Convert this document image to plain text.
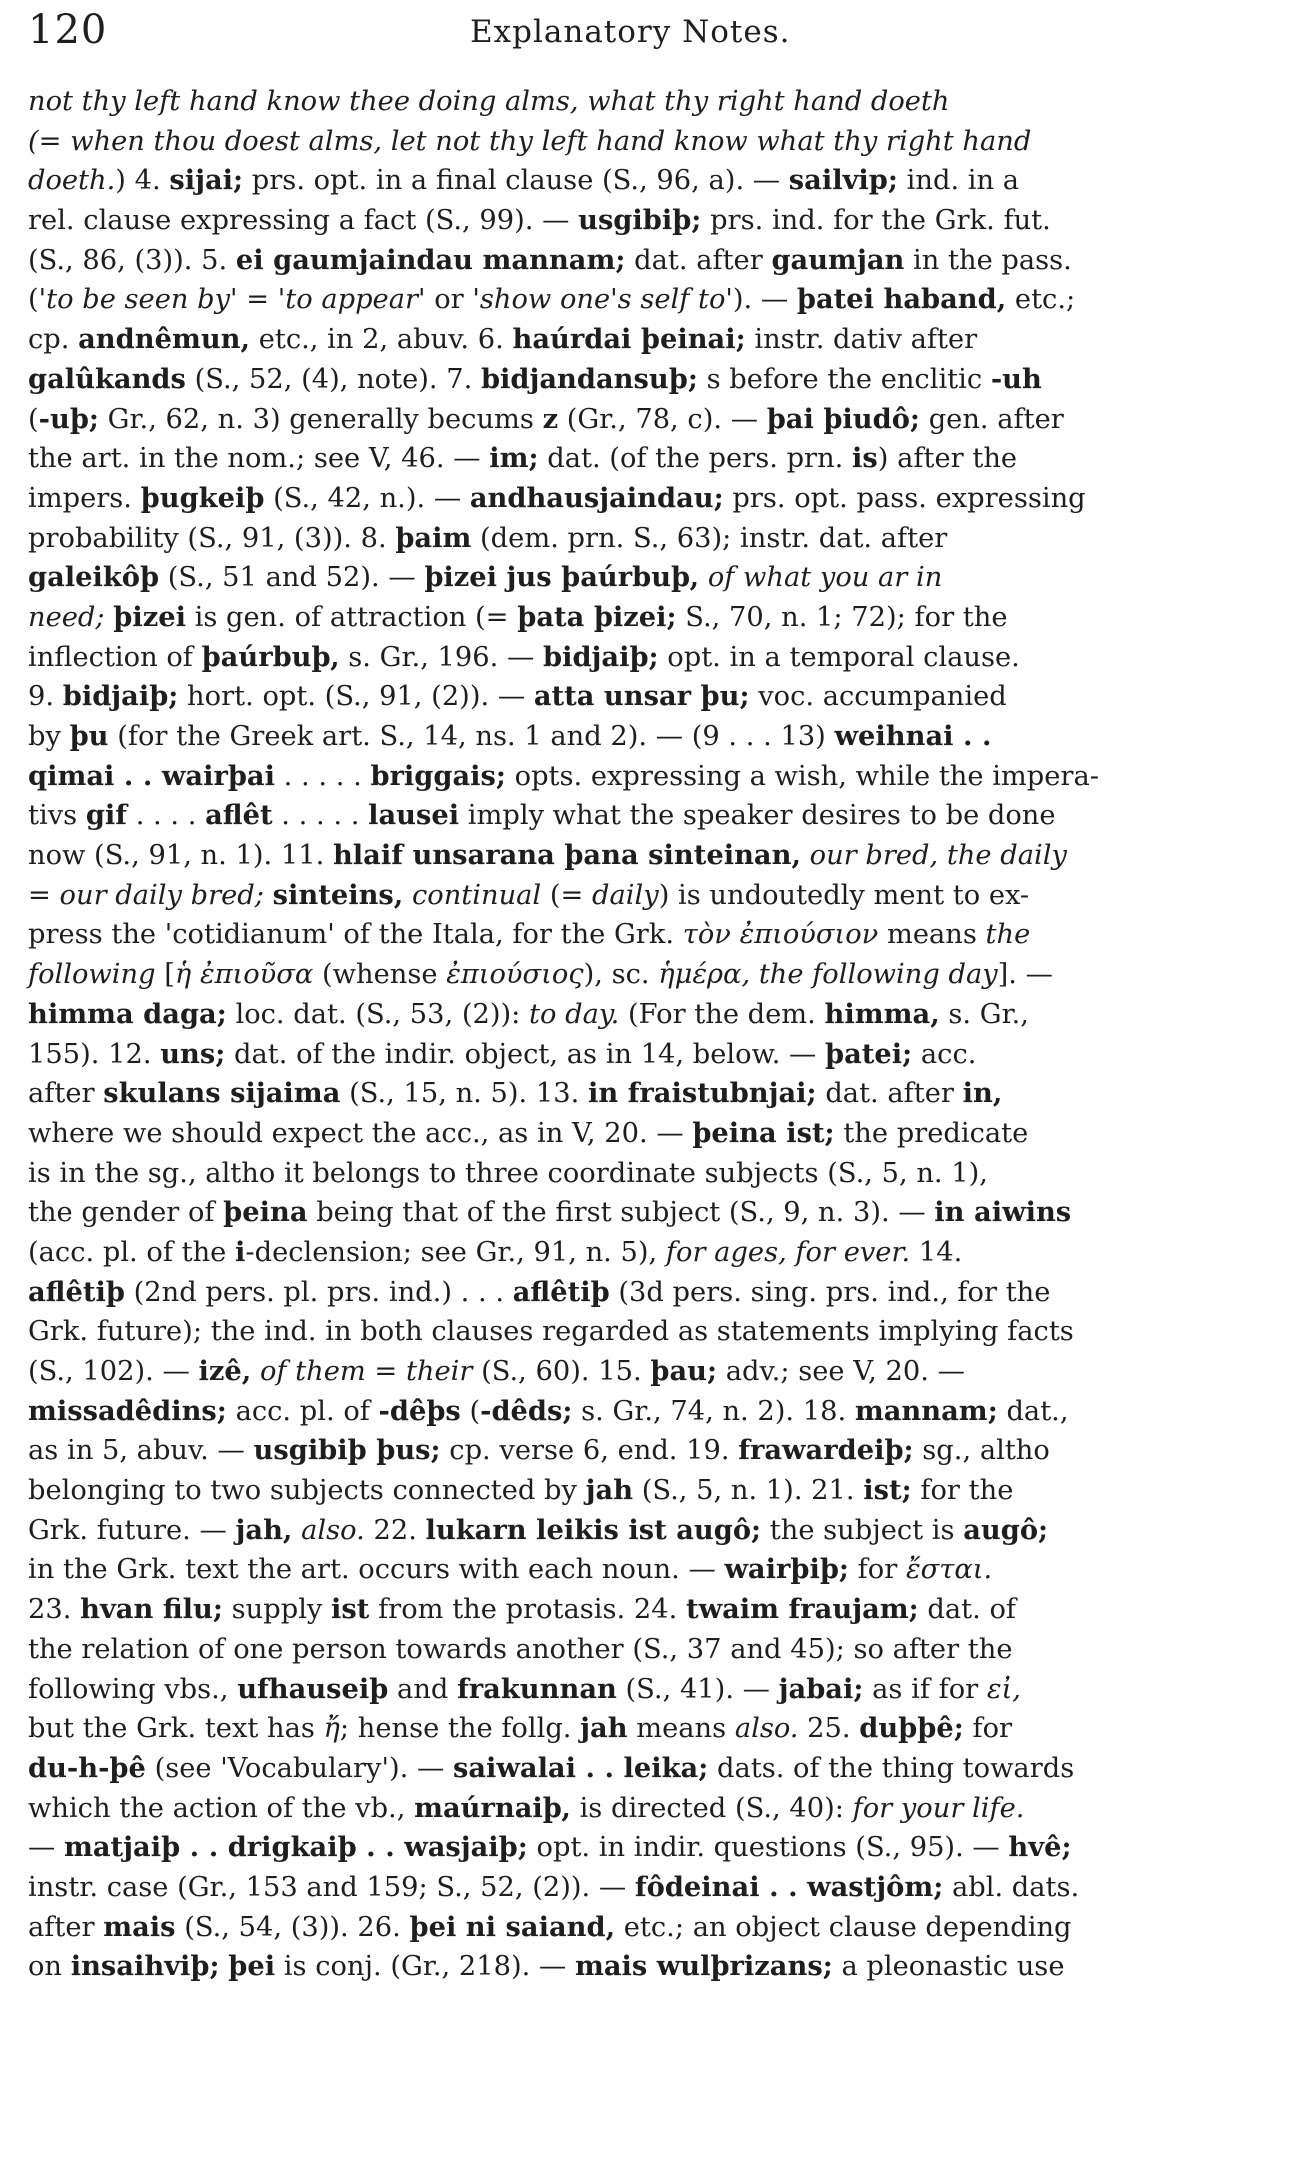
120	Explanatory Notes.
not thy left hand know thee doing alms, what thy right hand doeth
(= when thou doest alms, let not thy left hand know what thy right hand
doeth.) 4. sijai; prs. opt. in a final clause (S., 96, a). — sailvip; ind. in a
rel. clause expressing a fact (S., 99). — usgibiþ; prs. ind. for the Grk. fut.
(S., 86, (3)). 5. ei gaumjaindau mannam; dat. after gaumjan in the pass.
('to be seen by' = 'to appear' or 'show one's self to'). — þatei haband, etc.;
cp. andnêmun, etc., in 2, abuv. 6. haúrdai þeinai; instr. dativ after
galûkands (S., 52, (4), note). 7. bidjandansuþ; s before the enclitic -uh
(-uþ; Gr., 62, n. 3) generally becums z (Gr., 78, c). — þai þiudô; gen. after
the art. in the nom.; see V, 46. — im; dat. (of the pers. prn. is) after the
impers. þugkeiþ (S., 42, n.). — andhausjaindau; prs. opt. pass. expressing
probability (S., 91, (3)). 8. þaim (dem. prn. S., 63); instr. dat. after
galeikôþ (S., 51 and 52). — þizei jus þaúrbuþ, of what you ar in
need; þizei is gen. of attraction (= þata þizei; S., 70, n. 1; 72); for the
inflection of þaúrbuþ, s. Gr., 196. — bidjaiþ; opt. in a temporal clause.
9. bidjaiþ; hort. opt. (S., 91, (2)). — atta unsar þu; voc. accumpanied
by þu (for the Greek art. S., 14, ns. 1 and 2). — (9 . . . 13) weihnai . .
qimai . . wairþai . . . . . briggais; opts. expressing a wish, while the impera-
tivs gif . . . . aflêt . . . . . lausei imply what the speaker desires to be done
now (S., 91, n. 1). 11. hlaif unsarana þana sinteinan, our bred, the daily
= our daily bred; sinteins, continual (= daily) is undoutedly ment to ex-
press the 'cotidianum' of the Itala, for the Grk. τὸν ἐπιούσιον means the
following [ἡ ἐπιοῦσα (whense ἐπιούσιος), sc. ἡμέρα, the following day]. —
himma daga; loc. dat. (S., 53, (2)): to day. (For the dem. himma, s. Gr.,
155). 12. uns; dat. of the indir. object, as in 14, below. — þatei; acc.
after skulans sijaima (S., 15, n. 5). 13. in fraistubnjai; dat. after in,
where we should expect the acc., as in V, 20. — þeina ist; the predicate
is in the sg., altho it belongs to three coordinate subjects (S., 5, n. 1),
the gender of þeina being that of the first subject (S., 9, n. 3). — in aiwins
(acc. pl. of the i-declension; see Gr., 91, n. 5), for ages, for ever. 14.
aflêtiþ (2nd pers. pl. prs. ind.) . . . aflêtiþ (3d pers. sing. prs. ind., for the
Grk. future); the ind. in both clauses regarded as statements implying facts
(S., 102). — izê, of them = their (S., 60). 15. þau; adv.; see V, 20. —
missadêdins; acc. pl. of -dêþs (-dêds; s. Gr., 74, n. 2). 18. mannam; dat.,
as in 5, abuv. — usgibiþ þus; cp. verse 6, end. 19. frawardeiþ; sg., altho
belonging to two subjects connected by jah (S., 5, n. 1). 21. ist; for the
Grk. future. — jah, also. 22. lukarn leikis ist augô; the subject is augô;
in the Grk. text the art. occurs with each noun. — wairþiþ; for ἔσται.
23. hvan filu; supply ist from the protasis. 24. twaim fraujam; dat. of
the relation of one person towards another (S., 37 and 45); so after the
following vbs., ufhauseiþ and frakunnan (S., 41). — jabai; as if for εἰ,
but the Grk. text has ἤ; hense the follg. jah means also. 25. duþþê; for
du-h-þê (see 'Vocabulary'). — saiwalai . . leika; dats. of the thing towards
which the action of the vb., maúrnaiþ, is directed (S., 40): for your life.
— matjaiþ . . drigkaiþ . . wasjaiþ; opt. in indir. questions (S., 95). — hvê;
instr. case (Gr., 153 and 159; S., 52, (2)). — fôdeinai . . wastjôm; abl. dats.
after mais (S., 54, (3)). 26. þei ni saiand, etc.; an object clause depending
on insaihviþ; þei is conj. (Gr., 218). — mais wulþrizans; a pleonastic use
